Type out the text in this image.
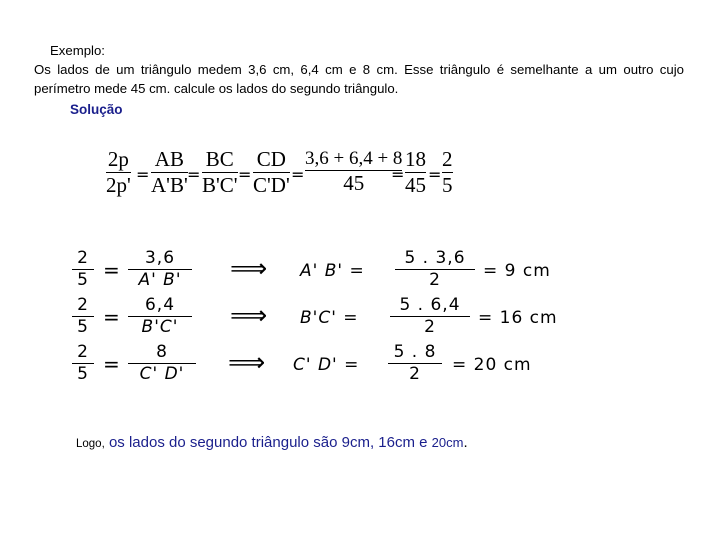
Exemplo:
Os lados de um triângulo medem 3,6 cm, 6,4 cm e 8 cm. Esse triângulo é semelhante a um outro cujo perímetro mede 45 cm. calcule os lados do segundo triângulo.
Solução
2p
2p' =
AB
A'B' =
BC
B'C' =
CD
C'D' =
3,6 + 6,4 + 8
45 =
18
45 =
2
5
2
5 = 3,6
A' B' ⟹ A' B' =
5 . 3,6
2 = 9 cm
2
5 = 6,4
B'C' ⟹ B'C' =
5 . 6,4
2 = 16 cm
2
5 = 8
C' D' ⟹ C' D' =
5 . 8
2 = 20 cm
Logo, os lados do segundo triângulo são 9cm, 16cm e 20cm.
